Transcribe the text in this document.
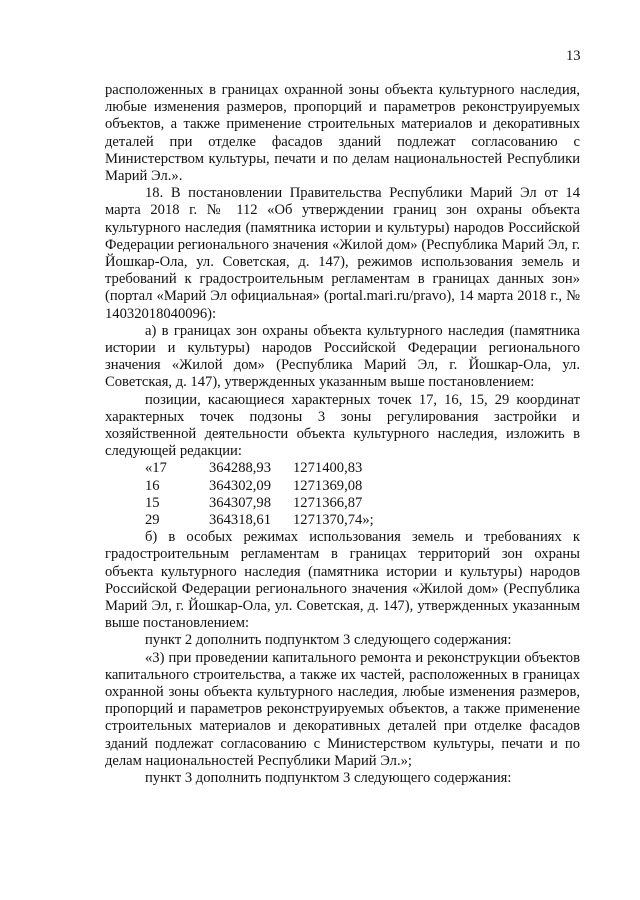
13

расположенных в границах охранной зоны объекта культурного наследия, любые изменения размеров, пропорций и параметров реконструируемых объектов, а также применение строительных материалов и декоративных деталей при отделке фасадов зданий подлежат согласованию с Министерством культуры, печати и по делам национальностей Республики Марий Эл.».

18. В постановлении Правительства Республики Марий Эл от 14 марта 2018 г. № 112 «Об утверждении границ зон охраны объекта культурного наследия (памятника истории и культуры) народов Российской Федерации регионального значения «Жилой дом» (Республика Марий Эл, г. Йошкар-Ола, ул. Советская, д. 147), режимов использования земель и требований к градостроительным регламентам в границах данных зон» (портал «Марий Эл официальная» (portal.mari.ru/pravo), 14 марта 2018 г., № 14032018040096):

а) в границах зон охраны объекта культурного наследия (памятника истории и культуры) народов Российской Федерации регионального значения «Жилой дом» (Республика Марий Эл, г. Йошкар-Ола, ул. Советская, д. 147), утвержденных указанным выше постановлением:

позиции, касающиеся характерных точек 17, 16, 15, 29 координат характерных точек подзоны 3 зоны регулирования застройки и хозяйственной деятельности объекта культурного наследия, изложить в следующей редакции:

«17	364288,93	1271400,83
16	364302,09	1271369,08
15	364307,98	1271366,87
29	364318,61	1271370,74»;

б) в особых режимах использования земель и требованиях к градостроительным регламентам в границах территорий зон охраны объекта культурного наследия (памятника истории и культуры) народов Российской Федерации регионального значения «Жилой дом» (Республика Марий Эл, г. Йошкар-Ола, ул. Советская, д. 147), утвержденных указанным выше постановлением:

пункт 2 дополнить подпунктом 3 следующего содержания:

«3) при проведении капитального ремонта и реконструкции объектов капитального строительства, а также их частей, расположенных в границах охранной зоны объекта культурного наследия, любые изменения размеров, пропорций и параметров реконструируемых объектов, а также применение строительных материалов и декоративных деталей при отделке фасадов зданий подлежат согласованию с Министерством культуры, печати и по делам национальностей Республики Марий Эл.»;

пункт 3 дополнить подпунктом 3 следующего содержания:
